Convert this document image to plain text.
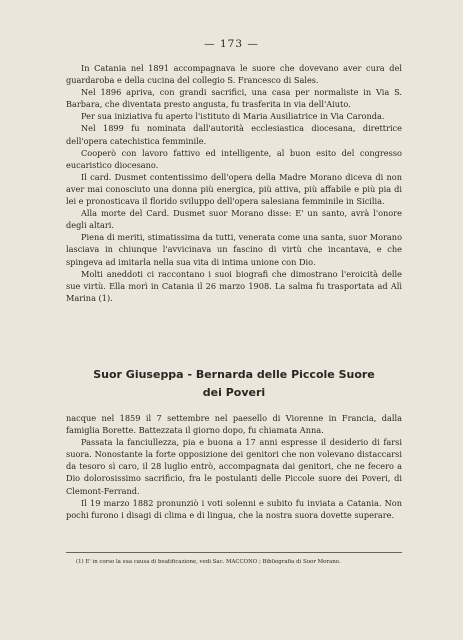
— 173 —

In Catania nel 1891 accompagnava le suore che dovevano aver cura del guardaroba e della cucina del collegio S. Francesco di Sales.

Nel 1896 apriva, con grandi sacrifici, una casa per normaliste in Via S. Barbara, che diventata presto angusta, fu trasferita in via dell'Aiuto.

Per sua iniziativa fu aperto l'istituto di Maria Ausiliatrice in Via Caronda.

Nel 1899 fu nominata dall'autorità ecclesiastica diocesana, direttrice dell'opera catechistica femminile.

Cooperò con lavoro fattivo ed intelligente, al buon esito del congresso eucaristico diocesano.

Il card. Dusmet contentissimo dell'opera della Madre Morano diceva di non aver mai conosciuto una donna più energica, più attiva, più affabile e più pia di lei e pronosticava il florido sviluppo dell'opera salesiana femminile in Sicilia.

Alla morte del Card. Dusmet suor Morano disse: E' un santo, avrà l'onore degli altari.

Piena di meriti, stimatissima da tutti, venerata come una santa, suor Morano lasciava in chiunque l'avvicinava un fascino di virtù che incantava, e che spingeva ad imitarla nella sua vita di intima unione con Dio.

Molti aneddoti ci raccontano i suoi biografi che dimostrano l'eroicità delle sue virtù. Ella morì in Catania il 26 marzo 1908. La salma fu trasportata ad Alì Marina (1).

Suor Giuseppa - Bernarda delle Piccole Suore
dei Poveri

nacque nel 1859 il 7 settembre nel paesello di Viorenne in Francia, dalla famiglia Borette. Battezzata il giorno dopo, fu chiamata Anna.

Passata la fanciullezza, pia e buona a 17 anni espresse il desiderio di farsi suora. Nonostante la forte opposizione dei genitori che non volevano distaccarsi da tesoro sì caro, il 28 luglio entrò, accompagnata dai genitori, che ne fecero a Dio dolorosissimo sacrificio, fra le postulanti delle Piccole suore dei Poveri, di Clemont-Ferrand.

Il 19 marzo 1882 pronunziò i voti solenni e subito fu inviata a Catania. Non pochi furono i disagi di clima e di lingua, che la nostra suora dovette superare.

(1) E' in corso la sua causa di beatificazione, vedi Sac. MACCONO ; Bibliografia di Suor Morano.
